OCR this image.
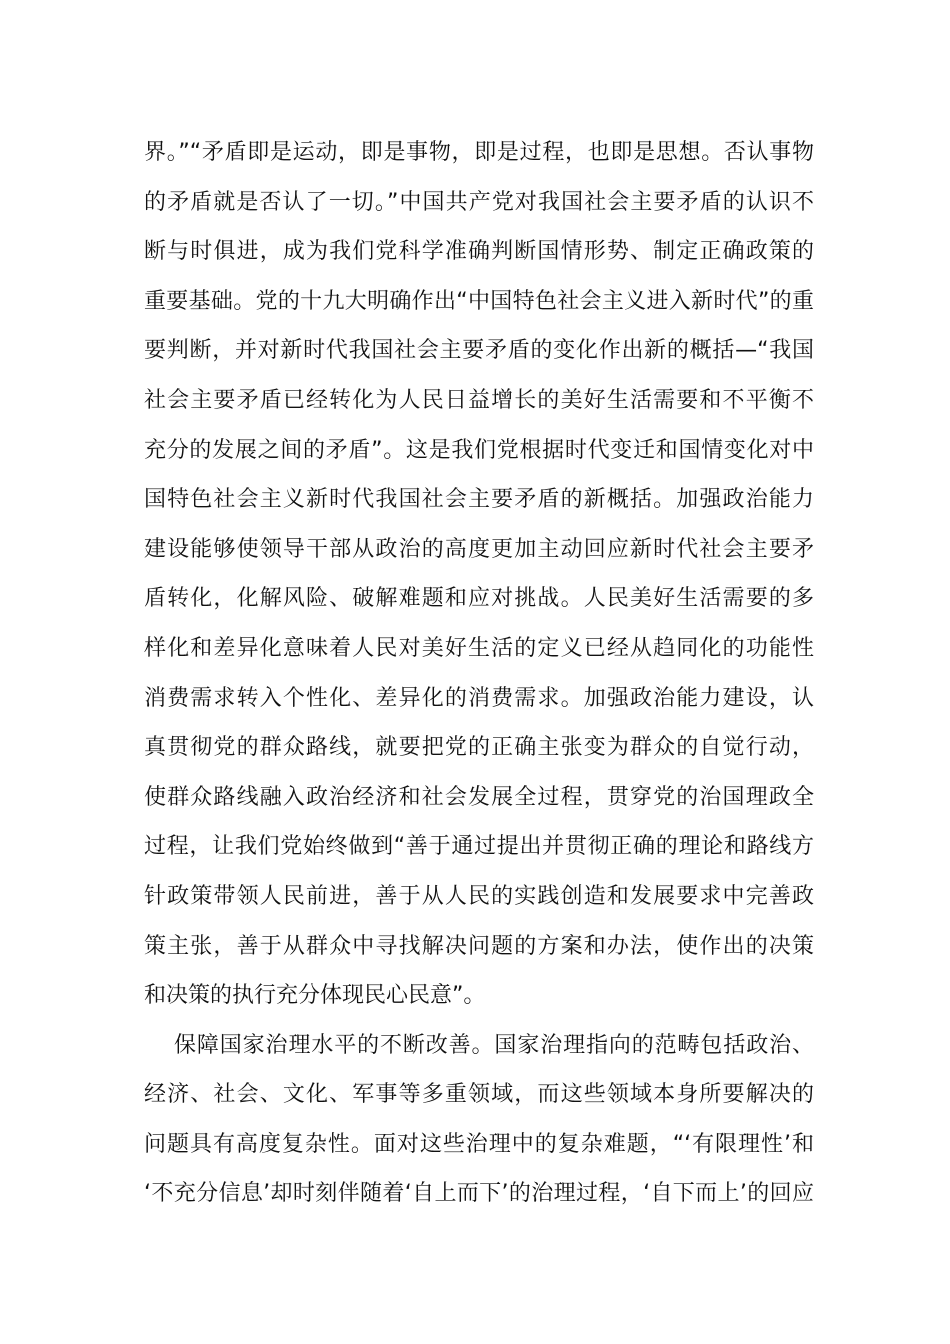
界。”“矛盾即是运动，即是事物，即是过程，也即是思想。否认事物
的矛盾就是否认了一切。”中国共产党对我国社会主要矛盾的认识不
断与时俱进，成为我们党科学准确判断国情形势、制定正确政策的
重要基础。党的十九大明确作出“中国特色社会主义进入新时代”的重
要判断，并对新时代我国社会主要矛盾的变化作出新的概括—“我国
社会主要矛盾已经转化为人民日益增长的美好生活需要和不平衡不
充分的发展之间的矛盾”。这是我们党根据时代变迁和国情变化对中
国特色社会主义新时代我国社会主要矛盾的新概括。加强政治能力
建设能够使领导干部从政治的高度更加主动回应新时代社会主要矛
盾转化，化解风险、破解难题和应对挑战。人民美好生活需要的多
样化和差异化意味着人民对美好生活的定义已经从趋同化的功能性
消费需求转入个性化、差异化的消费需求。加强政治能力建设，认
真贯彻党的群众路线，就要把党的正确主张变为群众的自觉行动，
使群众路线融入政治经济和社会发展全过程，贯穿党的治国理政全
过程，让我们党始终做到“善于通过提出并贯彻正确的理论和路线方
针政策带领人民前进，善于从人民的实践创造和发展要求中完善政
策主张，善于从群众中寻找解决问题的方案和办法，使作出的决策
和决策的执行充分体现民心民意”。
保障国家治理水平的不断改善。国家治理指向的范畴包括政治、
经济、社会、文化、军事等多重领域，而这些领域本身所要解决的
问题具有高度复杂性。面对这些治理中的复杂难题，“‘有限理性’和
‘不充分信息’却时刻伴随着‘自上而下’的治理过程，‘自下而上’的回应
